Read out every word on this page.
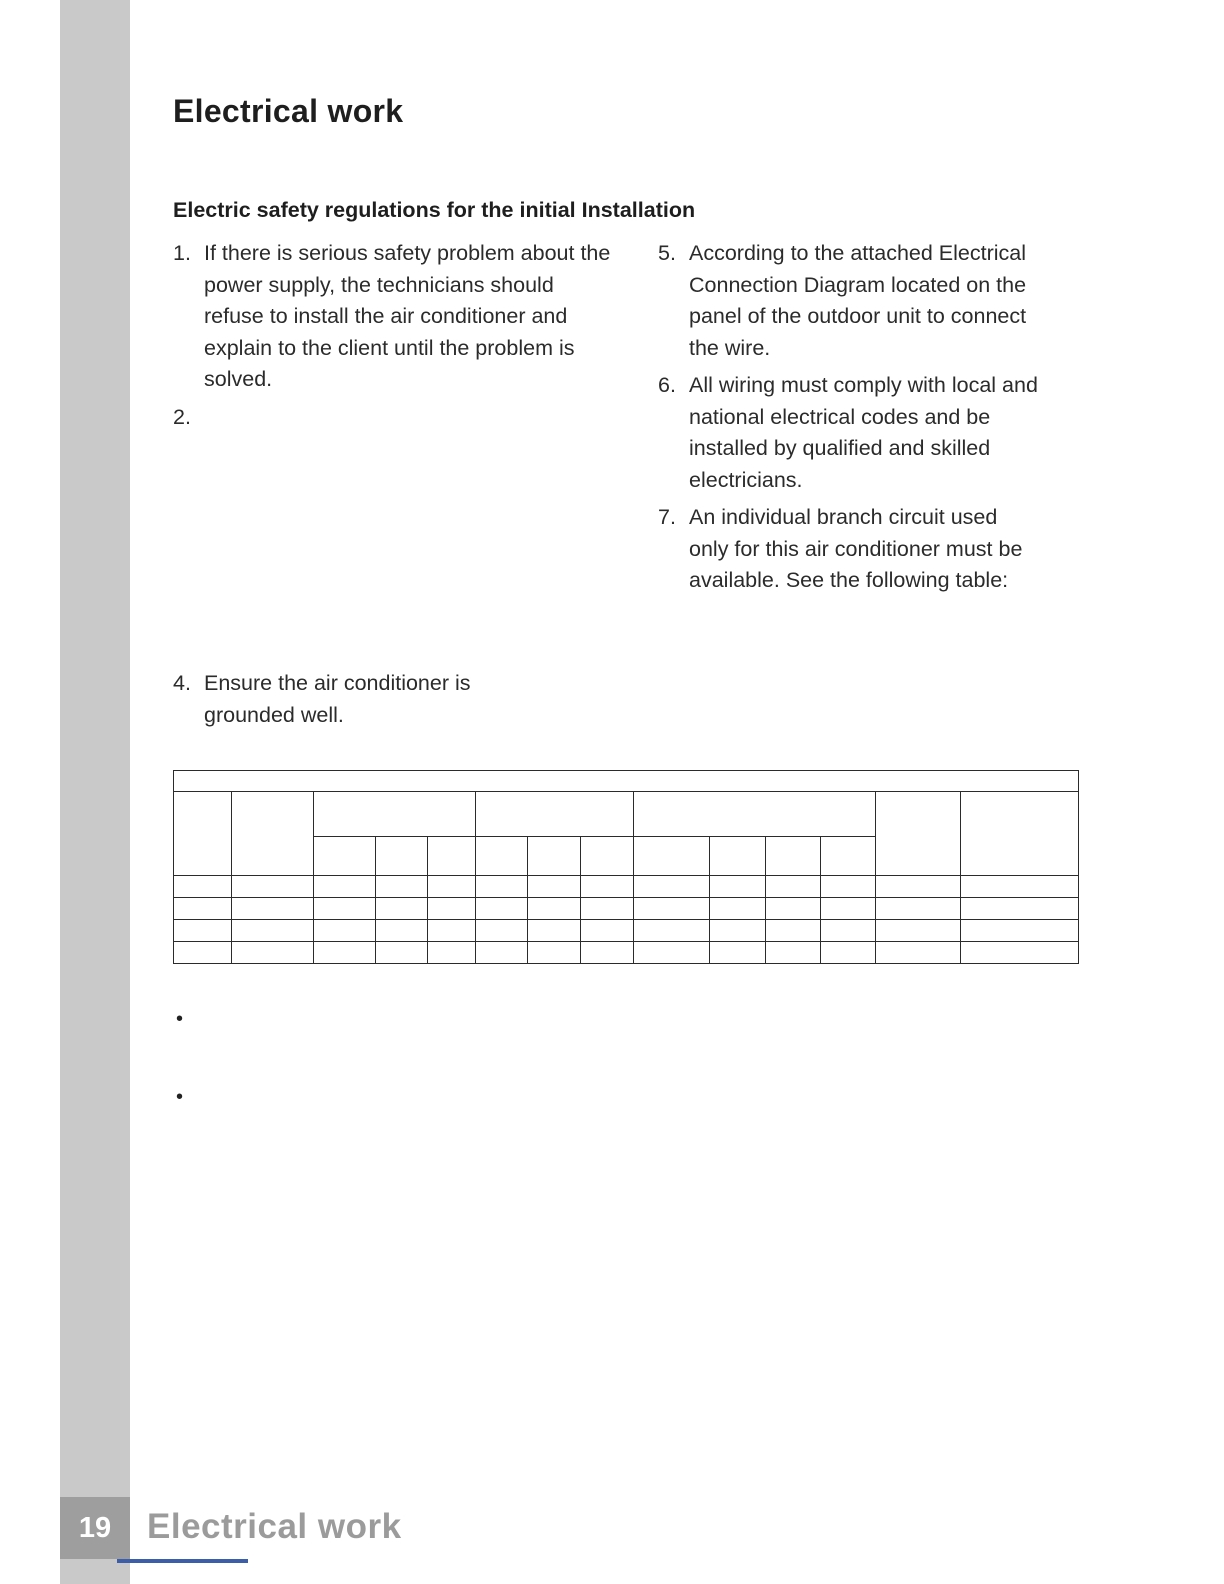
Electrical work
Electric safety regulations for the initial Installation
1. If there is serious safety problem about the power supply, the technicians should refuse to install the air conditioner and explain to the client until the problem is solved.
2.
5. According to the attached Electrical Connection Diagram located on the panel of the outdoor unit to connect the wire.
6. All wiring must comply with local and national electrical codes and be installed by qualified and skilled electricians.
7. An individual branch circuit used only for this air conditioner must be available. See the following table:
4. Ensure the air conditioner is grounded well.

•
•
19 Electrical work
